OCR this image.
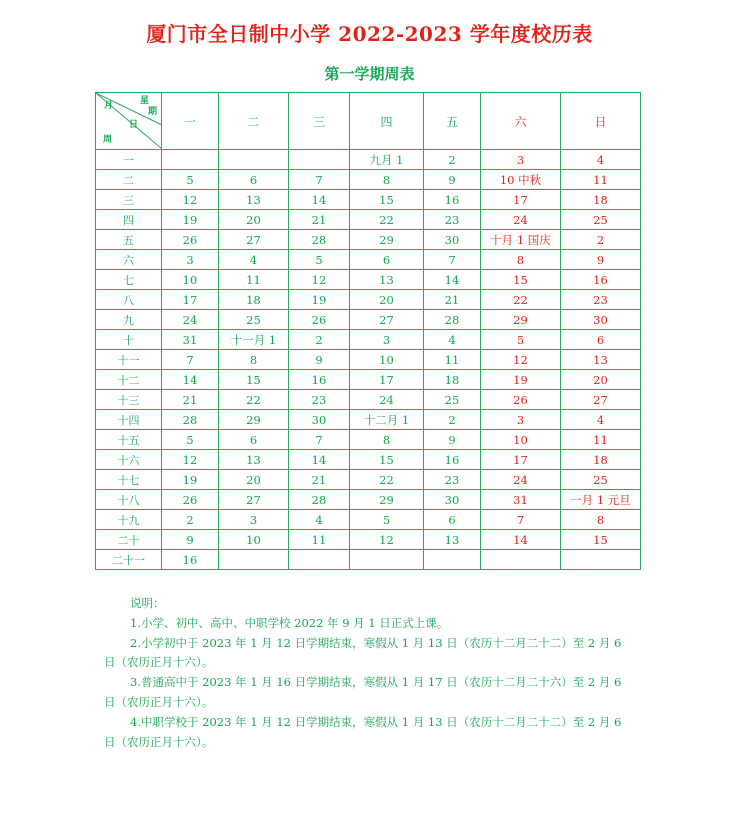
厦门市全日制中小学 2022-2023 学年度校历表
第一学期周表
月 星
期
日
周	一	二	三	四	五	六	日
一				九月 1	2	3	4
二	5	6	7	8	9	10 中秋	11
三	12	13	14	15	16	17	18
四	19	20	21	22	23	24	25
五	26	27	28	29	30	十月 1 国庆	2
六	3	4	5	6	7	8	9
七	10	11	12	13	14	15	16
八	17	18	19	20	21	22	23
九	24	25	26	27	28	29	30
十	31	十一月 1	2	3	4	5	6
十一	7	8	9	10	11	12	13
十二	14	15	16	17	18	19	20
十三	21	22	23	24	25	26	27
十四	28	29	30	十二月 1	2	3	4
十五	5	6	7	8	9	10	11
十六	12	13	14	15	16	17	18
十七	19	20	21	22	23	24	25
十八	26	27	28	29	30	31	一月 1 元旦
十九	2	3	4	5	6	7	8
二十	9	10	11	12	13	14	15
二十一	16						

说明：

1.小学、初中、高中、中职学校 2022 年 9 月 1 日正式上课。

2.小学初中于 2023 年 1 月 12 日学期结束，寒假从 1 月 13 日（农历十二月二十二）至 2 月 6 日（农历正月十六）。

3.普通高中于 2023 年 1 月 16 日学期结束，寒假从 1 月 17 日（农历十二月二十六）至 2 月 6 日（农历正月十六）。

4.中职学校于 2023 年 1 月 12 日学期结束，寒假从 1 月 13 日（农历十二月二十二）至 2 月 6 日（农历正月十六）。
